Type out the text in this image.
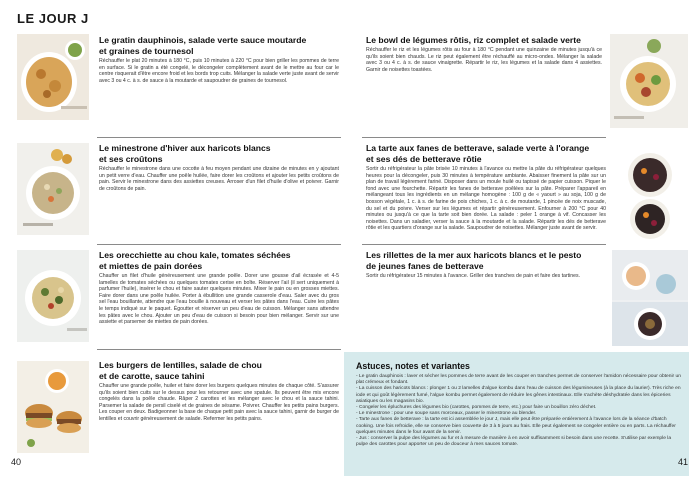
LE JOUR J
Le gratin dauphinois, salade verte sauce moutarde
et graines de tournesol
Réchauffer le plat 20 minutes à 180 °C, puis 10 minutes à 220 °C pour bien griller les pommes de terre en surface. Si le gratin a été congelé, le décongeler complètement avant de le mettre au four car le centre risquerait d'être encore froid et les bords trop cuits. Mélanger la salade verte juste avant de servir avec 3 ou 4 c. à s. de sauce à la moutarde et saupoudrer de graines de tournesol.
Le minestrone d'hiver aux haricots blancs
et ses croûtons
Réchauffer le minestrone dans une cocotte à feu moyen pendant une dizaine de minutes en y ajoutant un petit verre d'eau. Chauffer une poêle huilée, faire dorer les croûtons et ajouter les petits croûtons de pain. Servir le minestrone dans des assiettes creuses. Arroser d'un filet d'huile d'olive et poivrer. Garnir de croûtons de pain.
Les orecchiette au chou kale, tomates séchées
et miettes de pain dorées
Chauffer un filet d'huile généreusement une grande poêle. Dorer une gousse d'ail écrasée et 4-5 lamelles de tomates séchées ou quelques tomates cerise en boîte. Réserver l'ail (il sert uniquement à parfumer l'huile), insérer le chou et faire sauter quelques minutes. Mixer le pain ou en grosses miettes. Faire dorer dans une poêle huilée. Porter à ébullition une grande casserole d'eau. Saler avec du gros sel l'eau bouillante, attendre que l'eau bouille à nouveau et verser les pâtes dans l'eau. Cuire les pâtes le temps indiqué sur le paquet. Égoutter et réserver un peu d'eau de cuisson. Mélanger sans attendre les pâtes avec le chou. Ajouter un peu d'eau de cuisson si besoin pour bien mélanger. Servir sur une assiette et parsemer de miettes de pain dorées.
Les burgers de lentilles, salade de chou
et de carotte, sauce tahini
Chauffer une grande poêle, huiler et faire dorer les burgers quelques minutes de chaque côté. S'assurer qu'ils soient bien cuits sur le dessus pour les retourner avec une spatule. Ils peuvent être mis encore congelés dans la poêle chaude. Râper 2 carottes et les mélanger avec le chou et la sauce tahini. Parsemer la salade de persil ciselé et de graines de sésame. Poivrer. Chauffer les petits pains burgers. Les couper en deux. Badigeonner la base de chaque petit pain avec la sauce tahini, garnir de burger de lentilles et couvrir généreusement de salade. Refermer les petits pains.
Le bowl de légumes rôtis, riz complet et salade verte
Réchauffer le riz et les légumes rôtis au four à 180 °C pendant une quinzaine de minutes jusqu'à ce qu'ils soient bien chauds. Le riz peut également être réchauffé au micro-ondes. Mélanger la salade avec 3 ou 4 c. à s. de sauce vinaigrette. Répartir le riz, les légumes et la salade dans 4 assiettes. Garnir de noisettes toastées.
La tarte aux fanes de betterave, salade verte à l'orange
et ses dés de betterave rôtie
Sortir du réfrigérateur la pâte brisée 10 minutes à l'avance ou mettre la pâte du réfrigérateur quelques heures pour la décongeler, puis 30 minutes à température ambiante. Abaisser finement la pâte sur un plan de travail légèrement fariné. Disposer dans un moule huilé ou tapissé de papier cuisson. Piquer le fond avec une fourchette. Répartir les fanes de betterave poêlées sur la pâte. Préparer l'appareil en mélangeant tous les ingrédients en un mélange homogène : 100 g de « yaourt » au soja, 100 g de bosson végétale, 1 c. à s. de farine de pois chiches, 1 c. à c. de moutarde, 1 pincée de noix muscade, du sel et du poivre. Verser sur les légumes et répartir généreusement. Enfourner à 200 °C pour 40 minutes ou jusqu'à ce que la tarte soit bien dorée. La salade : peler 1 orange à vif. Concasser les noisettes. Dans un saladier, verser la sauce à la moutarde et la salade. Répartir les dés de betterave rôtie et les quartiers d'orange sur la salade. Saupoudrer de noisettes. Mélanger juste avant de servir.
Les rillettes de la mer aux haricots blancs et le pesto
de jeunes fanes de betterave
Sortir du réfrigérateur 15 minutes à l'avance. Griller des tranches de pain et faire des tartines.
Astuces, notes et variantes

- Le gratin dauphinois : laver et sécher les pommes de terre avant de les couper en tranches permet de conserver l'amidon nécessaire pour obtenir un plat crémeux et fondant.

- La cuisson des haricots blancs : plonger 1 ou 2 lamelles d'algue kombu dans l'eau de cuisson des légumineuses (à la place du laurier). Très riche en iode et qui goût légèrement fumé, l'algue kombu permet également de réduire les gênes intestinaux. Elle s'achète déshydratée dans les épiceries asiatiques ou les magasins bio.

- Congeler les épluchures des légumes bio (carottes, pommes de terre, etc.) pour faire un bouillon zéro déchet.

- Le minestrone : pour une soupe sans morceaux, passer le minestrone au blender.

- Tarte aux fanes de betterave : la tarte est ici assemblée le jour J, mais elle peut être préparée entièrement à l'avance lors de la séance d'batch cooking. Une fois refroidie, elle se conserve bien couverte de 3 à 5 jours au frais. Elle peut également se congeler entière ou en parts. La réchauffer quelques minutes dans le four avant de la servir.

- Jus : conserver la pulpe des légumes au fur et à mesure de manière à en avoir suffisamment si besoin dans une recette. S'utilise par exemple la pulpe des carottes pour apporter un peu de douceur à mes sauces tomate.

40	41
